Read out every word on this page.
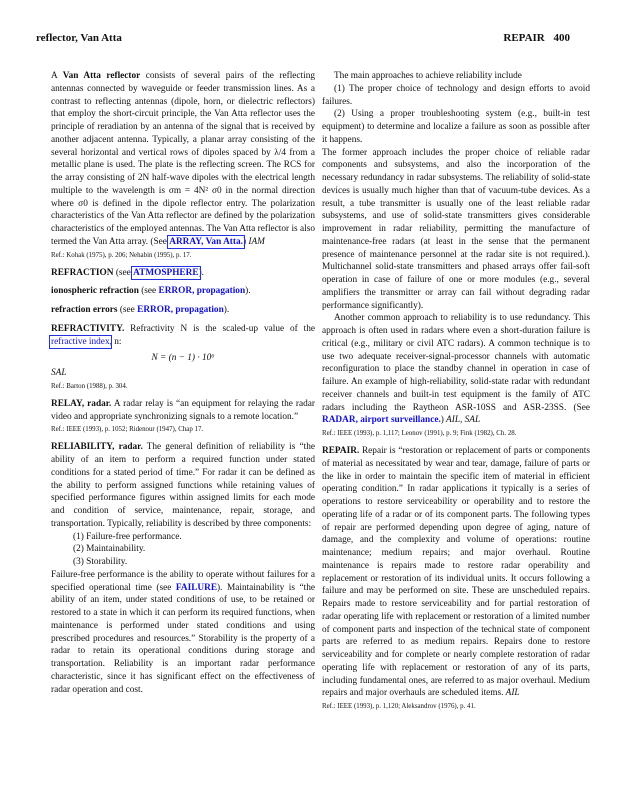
reflector, Van Atta	REPAIR 400

A Van Atta reflector consists of several pairs of the reflecting antennas connected by waveguide or feeder transmission lines. As a contrast to reflecting antennas (dipole, horn, or dielectric reflectors) that employ the short-circuit principle, the Van Atta reflector uses the principle of reradiation by an antenna of the signal that is received by another adjacent antenna. Typically, a planar array consisting of the several horizontal and vertical rows of dipoles spaced by λ/4 from a metallic plane is used. The plate is the reflecting screen. The RCS for the array consisting of 2N half-wave dipoles with the electrical length multiple to the wavelength is σm = 4N² σ0 in the normal direction where σ0 is defined in the dipole reflector entry. The polarization characteristics of the Van Atta reflector are defined by the polarization characteristics of the employed antennas. The Van Atta reflector is also termed the Van Atta array. (See ARRAY, Van Atta.) IAM

Ref.: Kohak (1975), p. 206; Nehabin (1995), p. 17.

REFRACTION (see ATMOSPHERE).

ionospheric refraction (see ERROR, propagation).

refraction errors (see ERROR, propagation).

REFRACTIVITY. Refractivity N is the scaled-up value of the refractive index, n:

N = (n − 1) · 10⁶

SAL

Ref.: Barton (1988), p. 304.

RELAY, radar. A radar relay is “an equipment for relaying the radar video and appropriate synchronizing signals to a remote location.”

Ref.: IEEE (1993), p. 1052; Ridenour (1947), Chap 17.

RELIABILITY, radar. The general definition of reliability is “the ability of an item to perform a required function under stated conditions for a stated period of time.” For radar it can be defined as the ability to perform assigned functions while retaining values of specified performance figures within assigned limits for each mode and condition of service, maintenance, repair, storage, and transportation. Typically, reliability is described by three components:

(1) Failure-free performance.

(2) Maintainability.

(3) Storability.

Failure-free performance is the ability to operate without failures for a specified operational time (see FAILURE). Maintainability is “the ability of an item, under stated conditions of use, to be retained or restored to a state in which it can perform its required functions, when maintenance is performed under stated conditions and using prescribed procedures and resources.” Storability is the property of a radar to retain its operational conditions during storage and transportation. Reliability is an important radar performance characteristic, since it has significant effect on the effectiveness of radar operation and cost.

The main approaches to achieve reliability include

(1) The proper choice of technology and design efforts to avoid failures.

(2) Using a proper troubleshooting system (e.g., built-in test equipment) to determine and localize a failure as soon as possible after it happens.

The former approach includes the proper choice of reliable radar components and subsystems, and also the incorporation of the necessary redundancy in radar subsystems. The reliability of solid-state devices is usually much higher than that of vacuum-tube devices. As a result, a tube transmitter is usually one of the least reliable radar subsystems, and use of solid-state transmitters gives considerable improvement in radar reliability, permitting the manufacture of maintenance-free radars (at least in the sense that the permanent presence of maintenance personnel at the radar site is not required.). Multichannel solid-state transmitters and phased arrays offer fail-soft operation in case of failure of one or more modules (e.g., several amplifiers the transmitter or array can fail without degrading radar performance significantly).

Another common approach to reliability is to use redundancy. This approach is often used in radars where even a short-duration failure is critical (e.g., military or civil ATC radars). A common technique is to use two adequate receiver-signal-processor channels with automatic reconfiguration to place the standby channel in operation in case of failure. An example of high-reliability, solid-state radar with redundant receiver channels and built-in test equipment is the family of ATC radars including the Raytheon ASR-10SS and ASR-23SS. (See RADAR, airport surveillance.) AIL, SAL

Ref.: IEEE (1993), p. 1,117; Leonov (1991), p. 9; Fink (1982), Ch. 28.

REPAIR. Repair is “restoration or replacement of parts or components of material as necessitated by wear and tear, damage, failure of parts or the like in order to maintain the specific item of material in efficient operating condition.” In radar applications it typically is a series of operations to restore serviceability or operability and to restore the operating life of a radar or of its component parts. The following types of repair are performed depending upon degree of aging, nature of damage, and the complexity and volume of operations: routine maintenance; medium repairs; and major overhaul. Routine maintenance is repairs made to restore radar operability and replacement or restoration of its individual units. It occurs following a failure and may be performed on site. These are unscheduled repairs. Repairs made to restore serviceability and for partial restoration of radar operating life with replacement or restoration of a limited number of component parts and inspection of the technical state of component parts are referred to as medium repairs. Repairs done to restore serviceability and for complete or nearly complete restoration of radar operating life with replacement or restoration of any of its parts, including fundamental ones, are referred to as major overhaul. Medium repairs and major overhauls are scheduled items. AIL

Ref.: IEEE (1993), p. 1,120; Aleksandrov (1976), p. 41.
